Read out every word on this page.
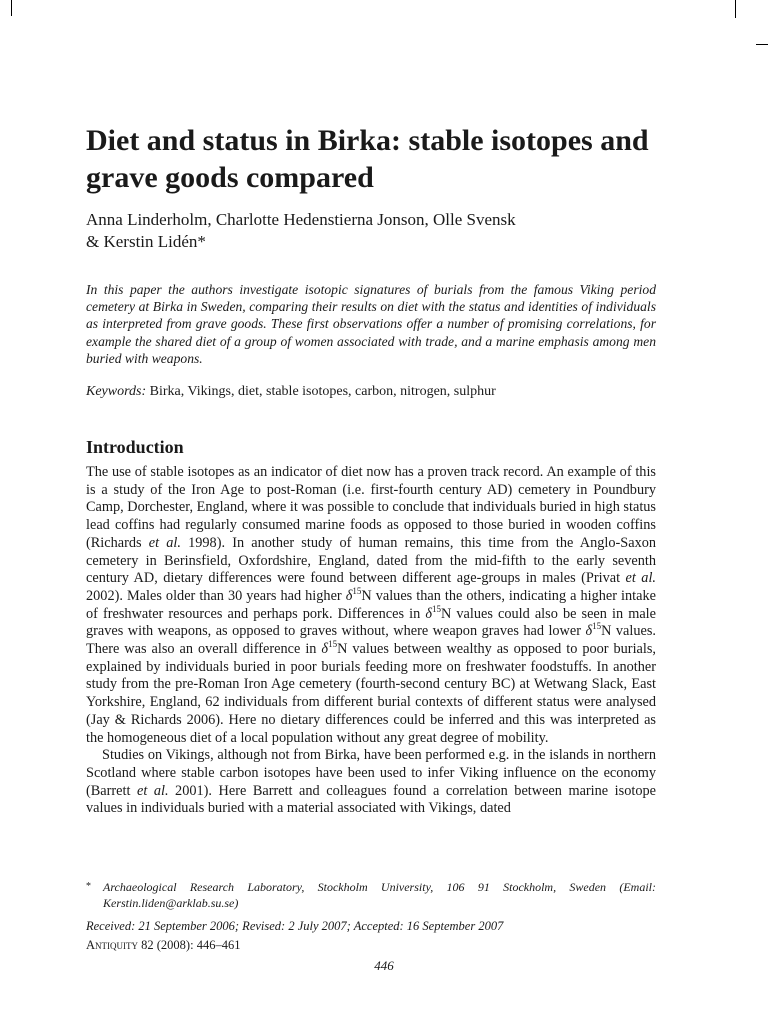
Diet and status in Birka: stable isotopes and grave goods compared
Anna Linderholm, Charlotte Hedenstierna Jonson, Olle Svensk
& Kerstin Lidén*

In this paper the authors investigate isotopic signatures of burials from the famous Viking period cemetery at Birka in Sweden, comparing their results on diet with the status and identities of individuals as interpreted from grave goods. These first observations offer a number of promising correlations, for example the shared diet of a group of women associated with trade, and a marine emphasis among men buried with weapons.

Keywords: Birka, Vikings, diet, stable isotopes, carbon, nitrogen, sulphur

Introduction

The use of stable isotopes as an indicator of diet now has a proven track record. An example of this is a study of the Iron Age to post-Roman (i.e. first-fourth century AD) cemetery in Poundbury Camp, Dorchester, England, where it was possible to conclude that individuals buried in high status lead coffins had regularly consumed marine foods as opposed to those buried in wooden coffins (Richards et al. 1998). In another study of human remains, this time from the Anglo-Saxon cemetery in Berinsfield, Oxfordshire, England, dated from the mid-fifth to the early seventh century AD, dietary differences were found between different age-groups in males (Privat et al. 2002). Males older than 30 years had higher $\delta^{15}N$ values than the others, indicating a higher intake of freshwater resources and perhaps pork. Differences in $\delta^{15}N$ values could also be seen in male graves with weapons, as opposed to graves without, where weapon graves had lower $\delta^{15}N$ values. There was also an overall difference in $\delta^{15}N$ values between wealthy as opposed to poor burials, explained by individuals buried in poor burials feeding more on freshwater foodstuffs. In another study from the pre-Roman Iron Age cemetery (fourth-second century BC) at Wetwang Slack, East Yorkshire, England, 62 individuals from different burial contexts of different status were analysed (Jay & Richards 2006). Here no dietary differences could be inferred and this was interpreted as the homogeneous diet of a local population without any great degree of mobility.

Studies on Vikings, although not from Birka, have been performed e.g. in the islands in northern Scotland where stable carbon isotopes have been used to infer Viking influence on the economy (Barrett et al. 2001). Here Barrett and colleagues found a correlation between marine isotope values in individuals buried with a material associated with Vikings, dated

* Archaeological Research Laboratory, Stockholm University, 106 91 Stockholm, Sweden (Email: Kerstin.liden@arklab.su.se)

Received: 21 September 2006; Revised: 2 July 2007; Accepted: 16 September 2007

Antiquity 82 (2008): 446–461

446
